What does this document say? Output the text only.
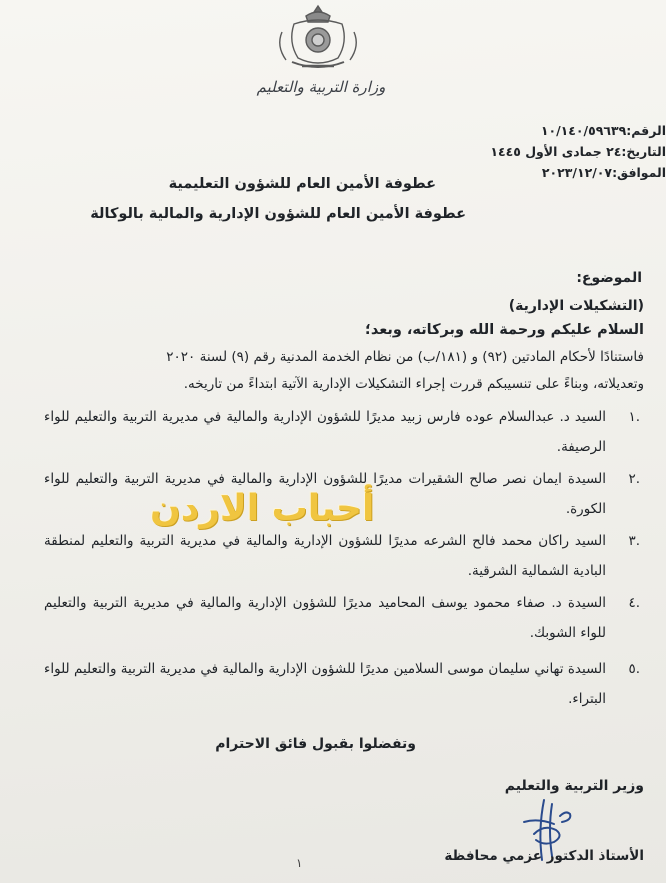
وزارة التربية والتعليم
الرقم:
١٠/١٤٠/٥٩٦٣٩
التاريخ:
٢٤ جمادى الأول ١٤٤٥
الموافق:
٢٠٢٣/١٢/٠٧
عطوفة الأمين العام للشؤون التعليمية
عطوفة الأمين العام للشؤون الإدارية والمالية بالوكالة
الموضوع:
(التشكيلات الإدارية)
السلام عليكم ورحمة الله وبركاته، وبعد؛
فاستنادًا لأحكام المادتين (٩٢) و (١٨١/ب) من نظام الخدمة المدنية رقم (٩) لسنة ٢٠٢٠
وتعديلاته، وبناءً على تنسيبكم قررت إجراء التشكيلات الإدارية الآتية ابتداءً من تاريخه.
.١
السيد د. عبدالسلام عوده فارس زبيد مديرًا للشؤون الإدارية والمالية في مديرية التربية والتعليم للواء الرصيفة.
.٢
السيدة ايمان نصر صالح الشقيرات مديرًا للشؤون الإدارية والمالية في مديرية التربية والتعليم للواء الكورة.
.٣
السيد راكان محمد فالح الشرعه مديرًا للشؤون الإدارية والمالية في مديرية التربية والتعليم لمنطقة البادية الشمالية الشرقية.
.٤
السيدة د. صفاء محمود يوسف المحاميد مديرًا للشؤون الإدارية والمالية في مديرية التربية والتعليم للواء الشوبك.
.٥
السيدة تهاني سليمان موسى السلامين مديرًا للشؤون الإدارية والمالية في مديرية التربية والتعليم للواء البتراء.
أحباب الاردن
وتفضلوا بقبول فائق الاحترام
وزير التربية والتعليم
الأستاذ الدكتور عزمي محافظة
١
